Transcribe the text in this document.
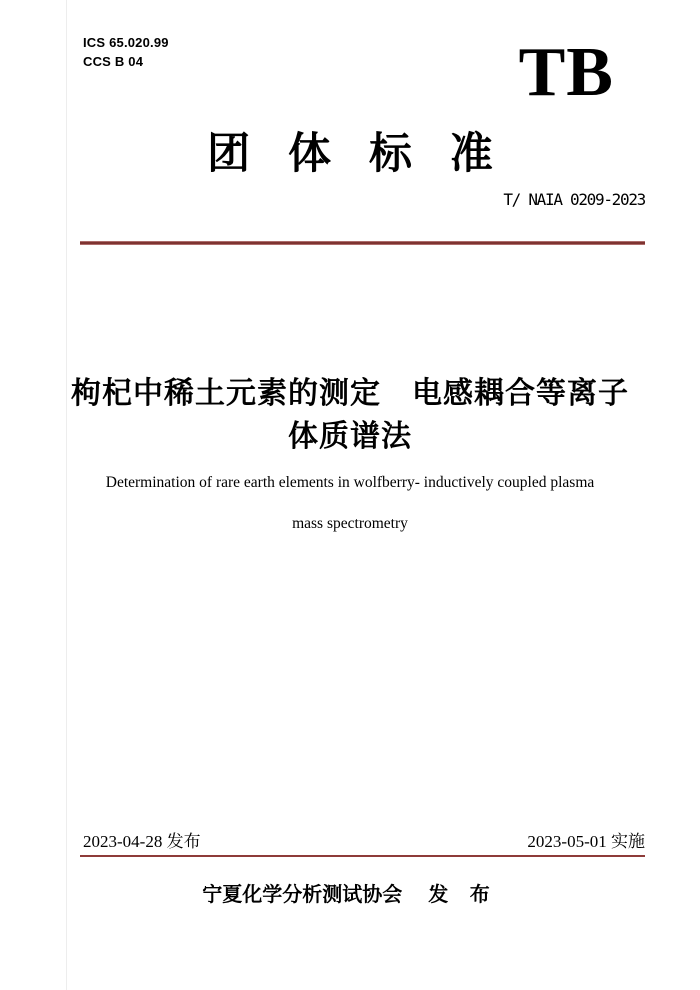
ICS 65.020.99
CCS B 04	TB
团 体 标 准
T/ NAIA 0209-2023
枸杞中稀土元素的测定　电感耦合等离子
体质谱法
Determination of rare earth elements in wolfberry- inductively coupled plasma
mass spectrometry
2023-04-28 发布	2023-05-01 实施
宁夏化学分析测试协会 发 布
